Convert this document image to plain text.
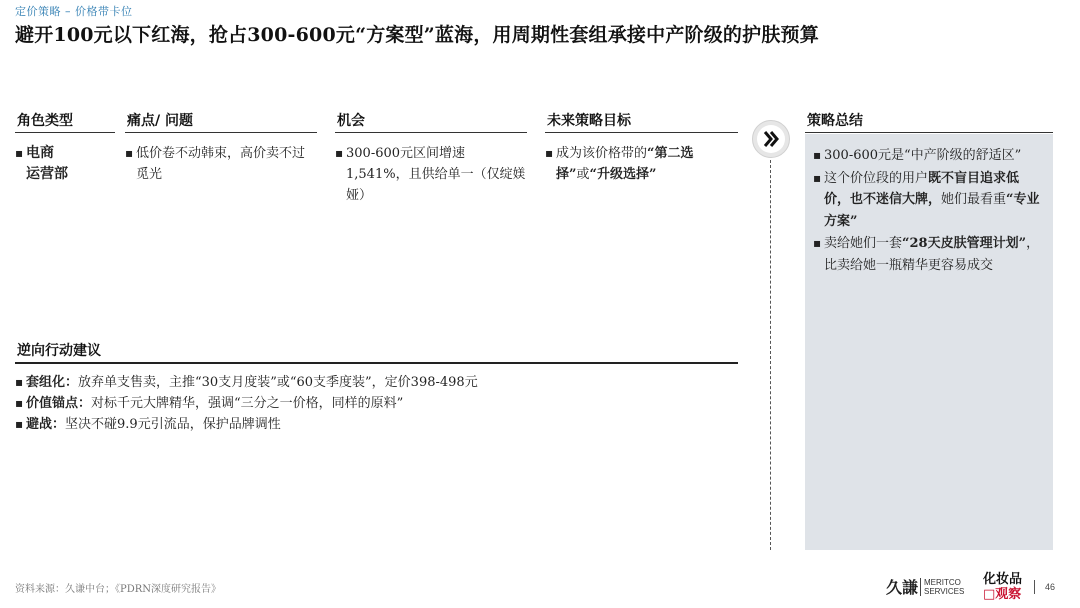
定价策略 – 价格带卡位
避开100元以下红海，抢占300-600元“方案型”蓝海，用周期性套组承接中产阶级的护肤预算
角色类型
▪ 电商
运营部
痛点/ 问题
▪ 低价卷不动韩束，高价卖不过觅光
机会
▪ 300-600元区间增速1,541%，且供给单一（仅绽媄娅）
未来策略目标
▪ 成为该价格带的“第二选择”或“升级选择”
策略总结
▪ 300-600元是“中产阶级的舒适区”
▪ 这个价位段的用户既不盲目追求低价，也不迷信大牌，她们最看重“专业方案”
▪ 卖给她们一套“28天皮肤管理计划”，比卖给她一瓶精华更容易成交
逆向行动建议
▪ 套组化：放弃单支售卖，主推“30支月度装”或“60支季度装”，定价398-498元
▪ 价值锚点：对标千元大牌精华，强调“三分之一价格，同样的原料”
▪ 避战：坚决不碰9.9元引流品，保护品牌调性
资料来源：久谦中台；《PDRN深度研究报告》	久謙 MERITCO
SERVICES
化妆品
□观察	46
